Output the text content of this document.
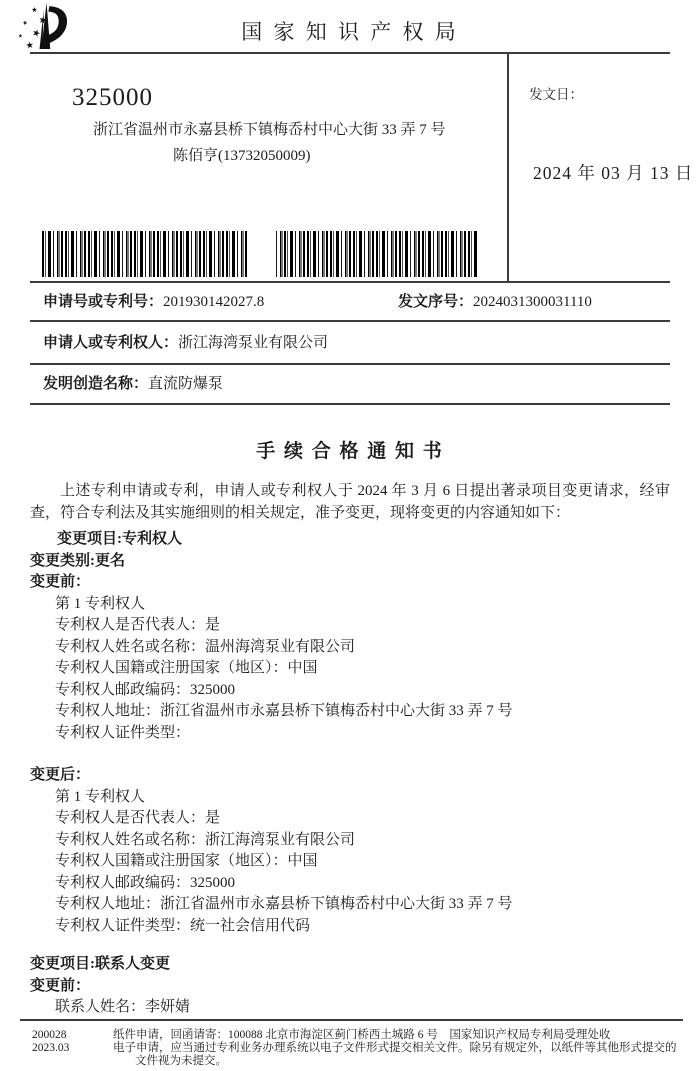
国 家 知 识 产 权 局
325000
浙江省温州市永嘉县桥下镇梅岙村中心大街 33 弄 7 号
陈佰亨(13732050009)
发文日：
2024 年 03 月 13 日
申请号或专利号：201930142027.8	发文序号：2024031300031110
申请人或专利权人：浙江海湾泵业有限公司
发明创造名称：直流防爆泵
手 续 合 格 通 知 书

上述专利申请或专利，申请人或专利权人于 2024 年 3 月 6 日提出著录项目变更请求，经审查，符合专利法及其实施细则的相关规定，准予变更，现将变更的内容通知如下：

变更项目:专利权人
变更类别:更名
变更前：
第 1 专利权人
专利权人是否代表人：是
专利权人姓名或名称：温州海湾泵业有限公司
专利权人国籍或注册国家（地区）：中国
专利权人邮政编码：325000
专利权人地址：浙江省温州市永嘉县桥下镇梅岙村中心大街 33 弄 7 号
专利权人证件类型：
变更后：
第 1 专利权人
专利权人是否代表人：是
专利权人姓名或名称：浙江海湾泵业有限公司
专利权人国籍或注册国家（地区）：中国
专利权人邮政编码：325000
专利权人地址：浙江省温州市永嘉县桥下镇梅岙村中心大街 33 弄 7 号
专利权人证件类型：统一社会信用代码
变更项目:联系人变更
变更前：
联系人姓名：李妍婧
200028
2023.03
纸件申请，回函请寄：100088 北京市海淀区蓟门桥西土城路 6 号　国家知识产权局专利局受理处收
电子申请，应当通过专利业务办理系统以电子文件形式提交相关文件。除另有规定外，以纸件等其他形式提交的
文件视为未提交。
